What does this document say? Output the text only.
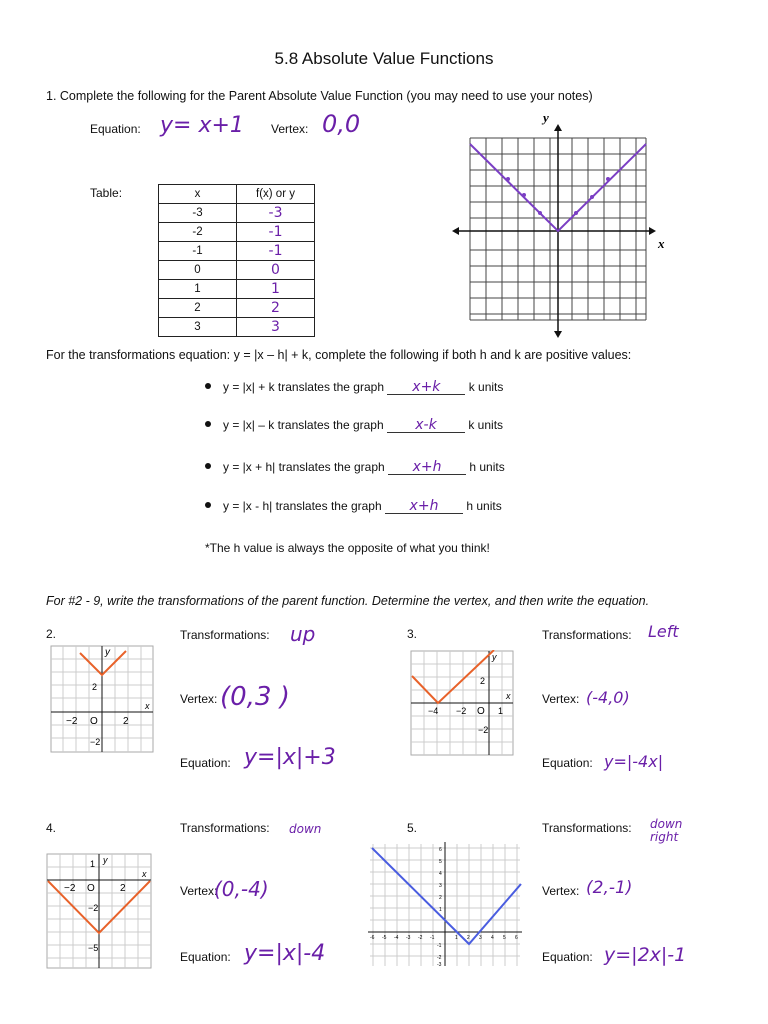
5.8 Absolute Value Functions
1. Complete the following for the Parent Absolute Value Function (you may need to use your notes)
Equation: y= x+1 Vertex: 0,0
Table:	x	f(x) or y
-3	-3
-2	-1
-1	-1
0	0
1	1
2	2
3	3
y
x
For the transformations equation: y = |x – h| + k, complete the following if both h and k are positive values:
y = |x| + k translates the graph x+k k units
y = |x| – k translates the graph x-k	k units
y = |x + h| translates the graph x+h h units
y = |x - h| translates the graph x+h h units
*The h value is always the opposite of what you think!
For #2 - 9, write the transformations of the parent function. Determine the vertex, and then write the equation.
2.
y
x
2
−2 O	2
−2
Transformations: up
Vertex: (0,3 )
Equation: y=|x|+3
3.
y
x
2
−4 −2 O 1
−2
Transformations: Left
Vertex: (-4,0)
Equation: y=|-4x|
4.
y
x
1
−2 O	2
−2
−5
Transformations: down
Vertex:
(0,-4)
Equation: y=|x|-4
5.
-6 -5 -4 -3 -2 -1	1 2 3 4 5 6
6
5
4
3
2
1
-1
-2
-3
Transformations: down right
Vertex: (2,-1)
Equation: y=|2x|-1
